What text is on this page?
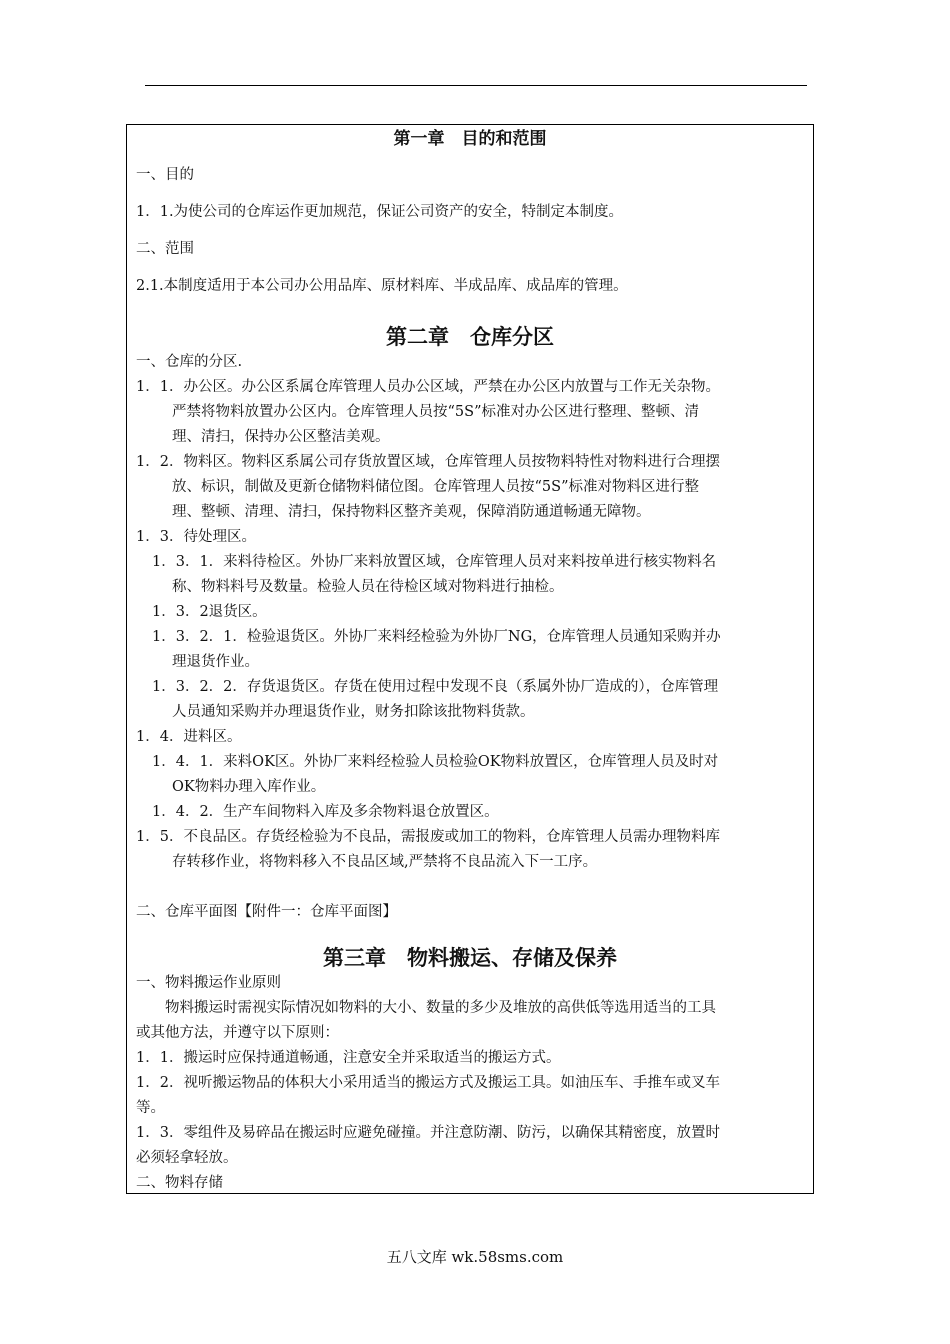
第一章　目的和范围
一、目的
1．1.为使公司的仓库运作更加规范，保证公司资产的安全，特制定本制度。
二、范围
2.1.本制度适用于本公司办公用品库、原材料库、半成品库、成品库的管理。
第二章　仓库分区
一、仓库的分区.
1．1．办公区。办公区系属仓库管理人员办公区域，严禁在办公区内放置与工作无关杂物。
严禁将物料放置办公区内。仓库管理人员按“5S”标准对办公区进行整理、整顿、清
理、清扫，保持办公区整洁美观。
1．2．物料区。物料区系属公司存货放置区域，仓库管理人员按物料特性对物料进行合理摆
放、标识，制做及更新仓储物料储位图。仓库管理人员按“5S”标准对物料区进行整
理、整顿、清理、清扫，保持物料区整齐美观，保障消防通道畅通无障物。
1．3．待处理区。
1．3．1．来料待检区。外协厂来料放置区域，仓库管理人员对来料按单进行核实物料名
称、物料料号及数量。检验人员在待检区域对物料进行抽检。
1．3．2退货区。
1．3．2．1．检验退货区。外协厂来料经检验为外协厂NG，仓库管理人员通知采购并办
理退货作业。
1．3．2．2．存货退货区。存货在使用过程中发现不良（系属外协厂造成的），仓库管理
人员通知采购并办理退货作业，财务扣除该批物料货款。
1．4．进料区。
1．4．1．来料OK区。外协厂来料经检验人员检验OK物料放置区，仓库管理人员及时对
OK物料办理入库作业。
1．4．2．生产车间物料入库及多余物料退仓放置区。
1．5．不良品区。存货经检验为不良品，需报废或加工的物料，仓库管理人员需办理物料库
存转移作业，将物料移入不良品区域,严禁将不良品流入下一工序。
二、仓库平面图【附件一：仓库平面图】
第三章　物料搬运、存储及保养
一、物料搬运作业原则
　　物料搬运时需视实际情况如物料的大小、数量的多少及堆放的高供低等选用适当的工具
或其他方法，并遵守以下原则：
1．1．搬运时应保持通道畅通，注意安全并采取适当的搬运方式。
1．2．视听搬运物品的体积大小采用适当的搬运方式及搬运工具。如油压车、手推车或叉车
等。
1．3．零组件及易碎品在搬运时应避免碰撞。并注意防潮、防污，以确保其精密度，放置时
必须轻拿轻放。
二、物料存储
五八文库 wk.58sms.com
